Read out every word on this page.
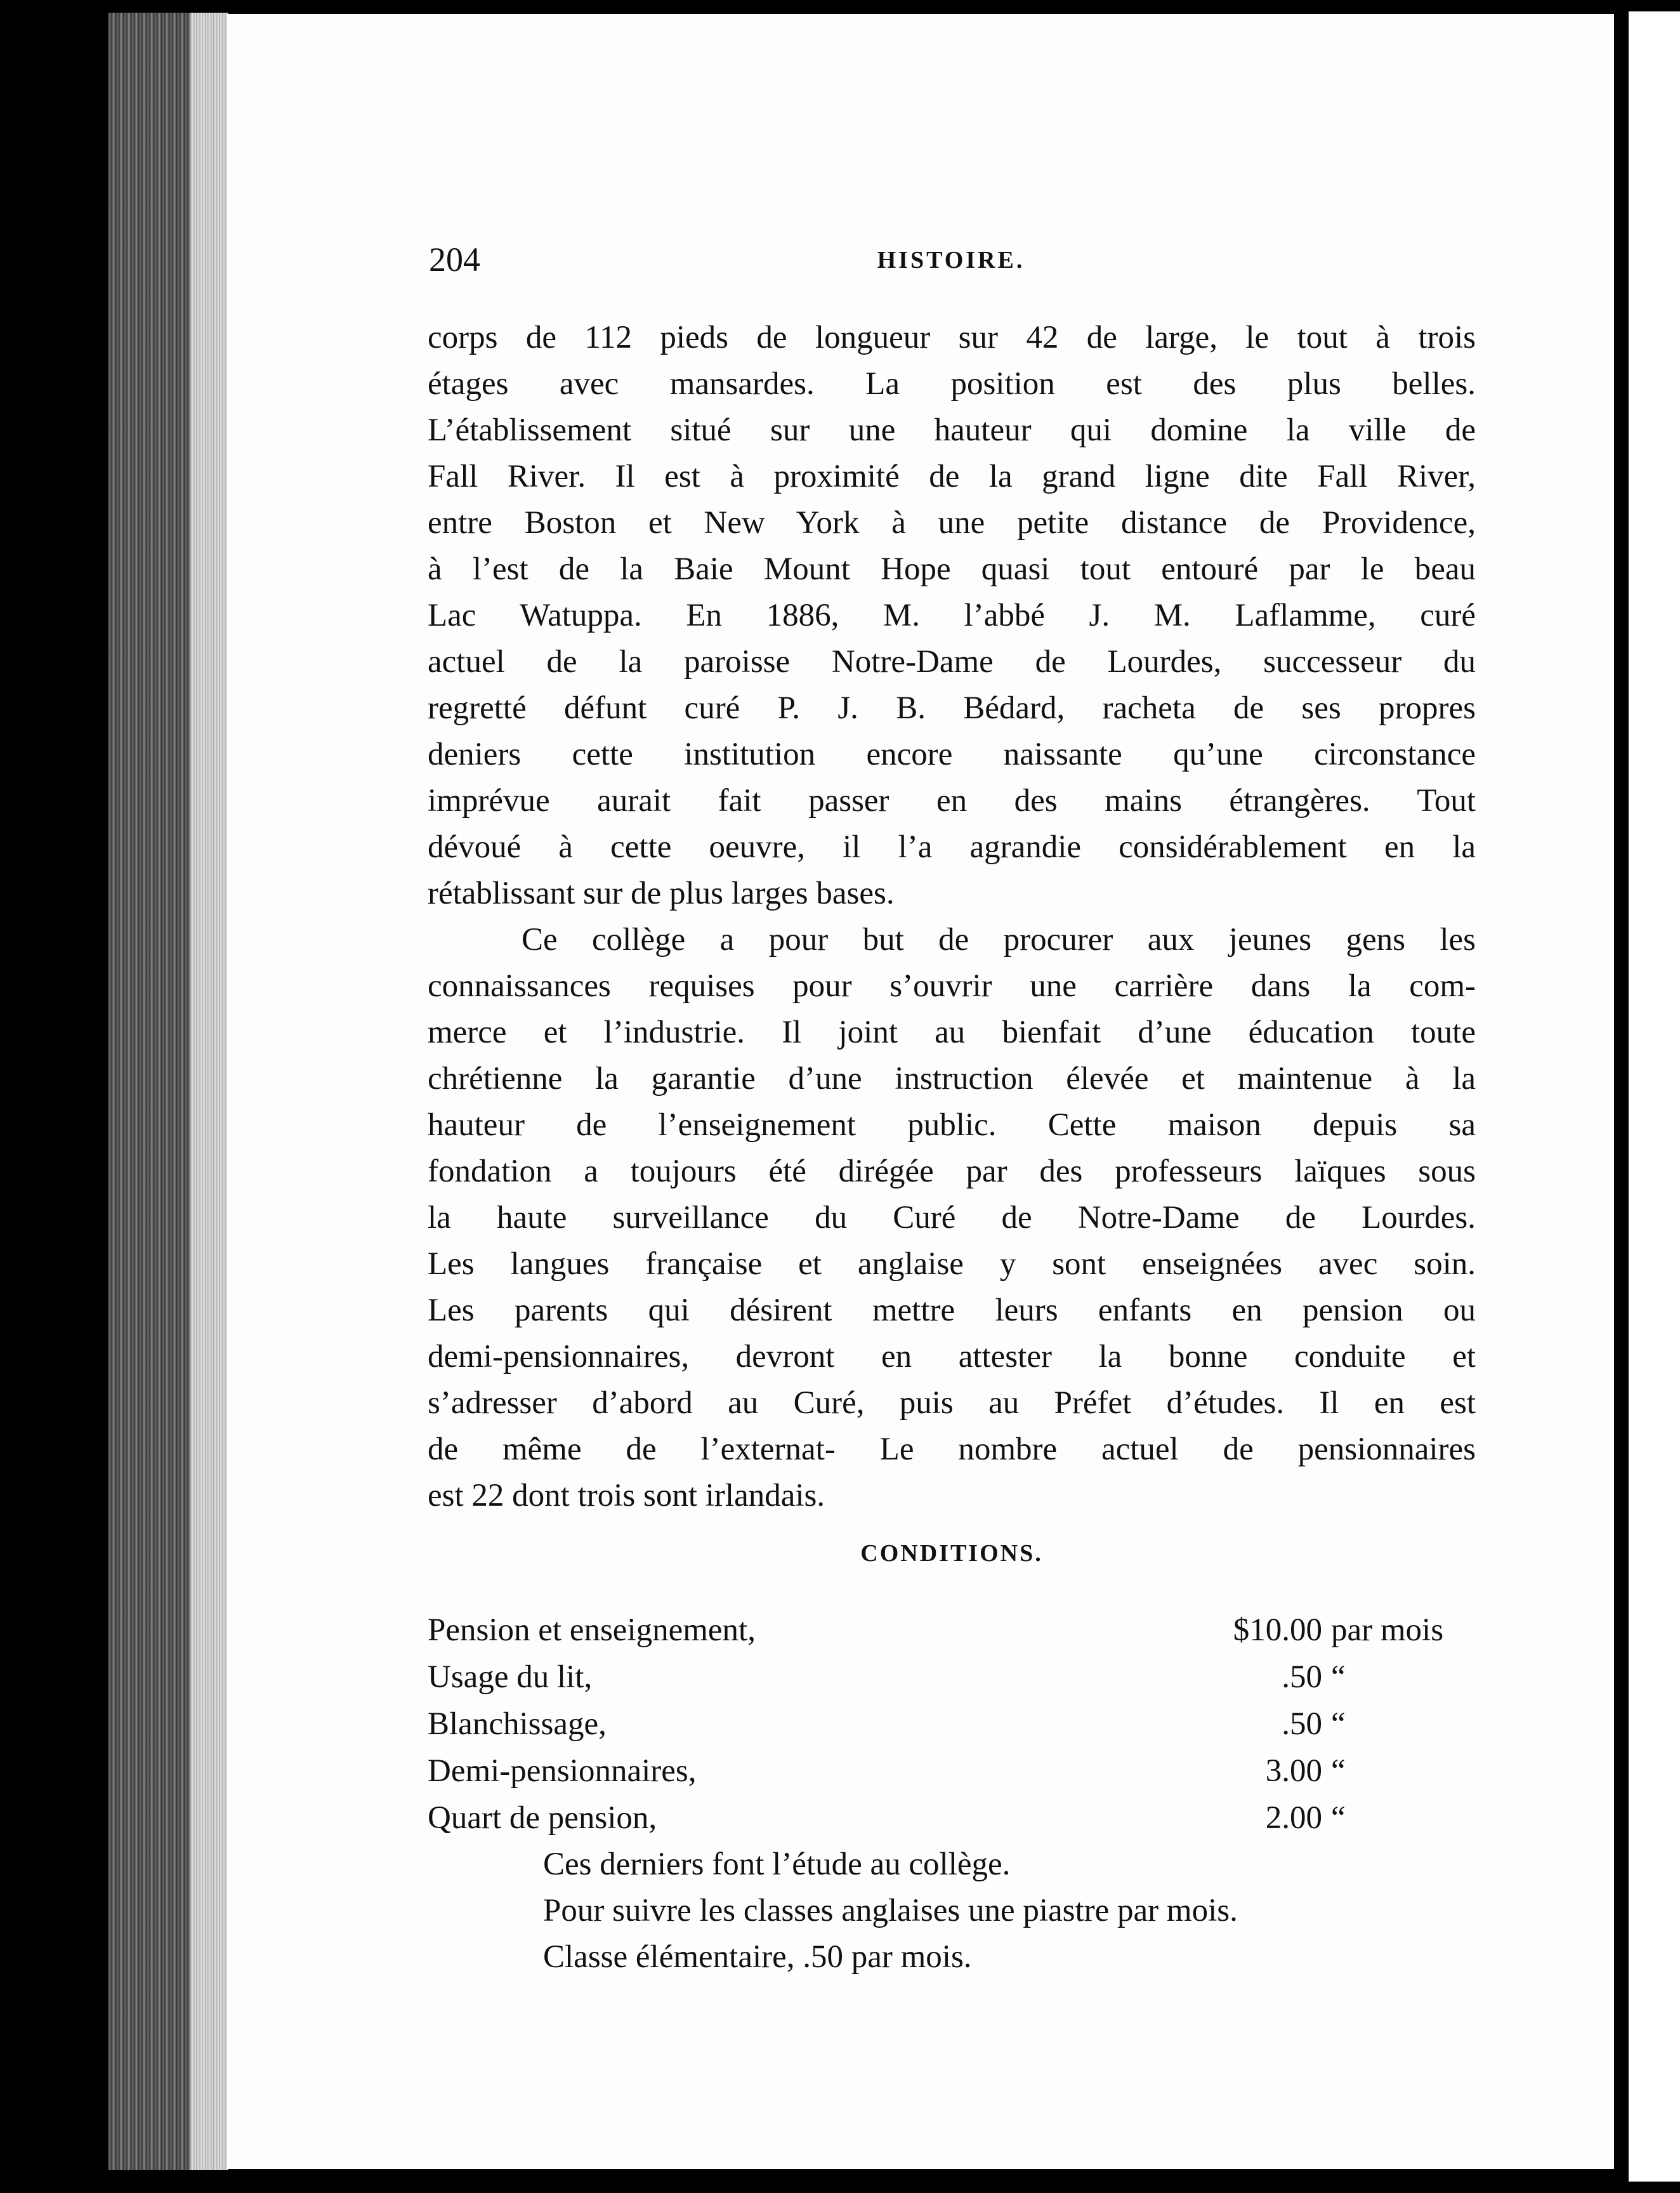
204	HISTOIRE.
corps de 112 pieds de longueur sur 42 de large, le tout à trois
étages avec mansardes. La position est des plus belles.
L’établissement situé sur une hauteur qui domine la ville de
Fall River. Il est à proximité de la grand ligne dite Fall River,
entre Boston et New York à une petite distance de Providence,
à l’est de la Baie Mount Hope quasi tout entouré par le beau
Lac Watuppa. En 1886, M. l’abbé J. M. Laflamme, curé
actuel de la paroisse Notre-Dame de Lourdes, successeur du
regretté défunt curé P. J. B. Bédard, racheta de ses propres
deniers cette institution encore naissante qu’une circonstance
imprévue aurait fait passer en des mains étrangères. Tout
dévoué à cette oeuvre, il l’a agrandie considérablement en la
rétablissant sur de plus larges bases.
Ce collège a pour but de procurer aux jeunes gens les
connaissances requises pour s’ouvrir une carrière dans la com-
merce et l’industrie. Il joint au bienfait d’une éducation toute
chrétienne la garantie d’une instruction élevée et maintenue à la
hauteur de l’enseignement public. Cette maison depuis sa
fondation a toujours été dirégée par des professeurs laïques sous
la haute surveillance du Curé de Notre-Dame de Lourdes.
Les langues française et anglaise y sont enseignées avec soin.
Les parents qui désirent mettre leurs enfants en pension ou
demi-pensionnaires, devront en attester la bonne conduite et
s’adresser d’abord au Curé, puis au Préfet d’études. Il en est
de même de l’externat- Le nombre actuel de pensionnaires
est 22 dont trois sont irlandais.
CONDITIONS.
Pension et enseignement,	$10.00 par mois
Usage du lit,	.50 “
Blanchissage,	.50 “
Demi-pensionnaires,	3.00 “
Quart de pension,	2.00 “
Ces derniers font l’étude au collège.
Pour suivre les classes anglaises une piastre par mois.
Classe élémentaire, .50 par mois.
